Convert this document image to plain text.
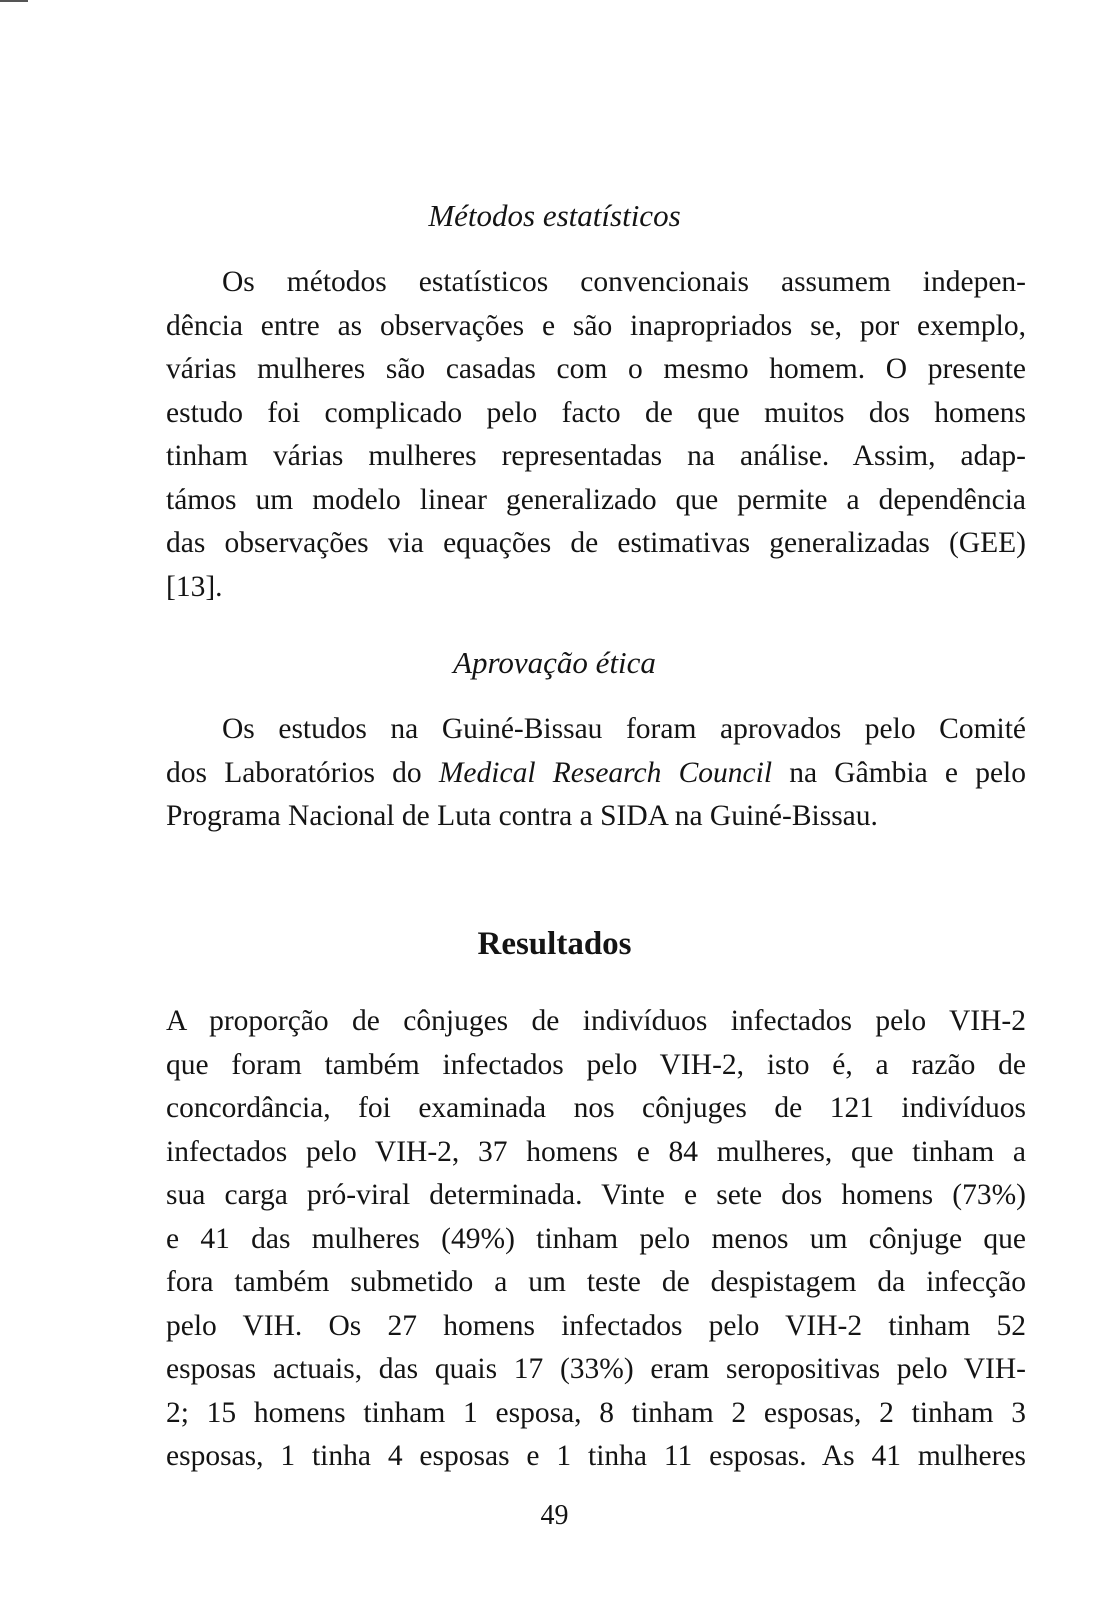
Métodos estatísticos

Os métodos estatísticos convencionais assumem indepen-
dência entre as observações e são inapropriados se, por exemplo,
várias mulheres são casadas com o mesmo homem. O presente
estudo foi complicado pelo facto de que muitos dos homens
tinham várias mulheres representadas na análise. Assim, adap-
támos um modelo linear generalizado que permite a dependência
das observações via equações de estimativas generalizadas (GEE)
[13].

Aprovação ética

Os estudos na Guiné-Bissau foram aprovados pelo Comité
dos Laboratórios do Medical Research Council na Gâmbia e pelo
Programa Nacional de Luta contra a SIDA na Guiné-Bissau.

Resultados

A proporção de cônjuges de indivíduos infectados pelo VIH-2
que foram também infectados pelo VIH-2, isto é, a razão de
concordância, foi examinada nos cônjuges de 121 indivíduos
infectados pelo VIH-2, 37 homens e 84 mulheres, que tinham a
sua carga pró-viral determinada. Vinte e sete dos homens (73%)
e 41 das mulheres (49%) tinham pelo menos um cônjuge que
fora também submetido a um teste de despistagem da infecção
pelo VIH. Os 27 homens infectados pelo VIH-2 tinham 52
esposas actuais, das quais 17 (33%) eram seropositivas pelo VIH-
2; 15 homens tinham 1 esposa, 8 tinham 2 esposas, 2 tinham 3
esposas, 1 tinha 4 esposas e 1 tinha 11 esposas. As 41 mulheres

49
